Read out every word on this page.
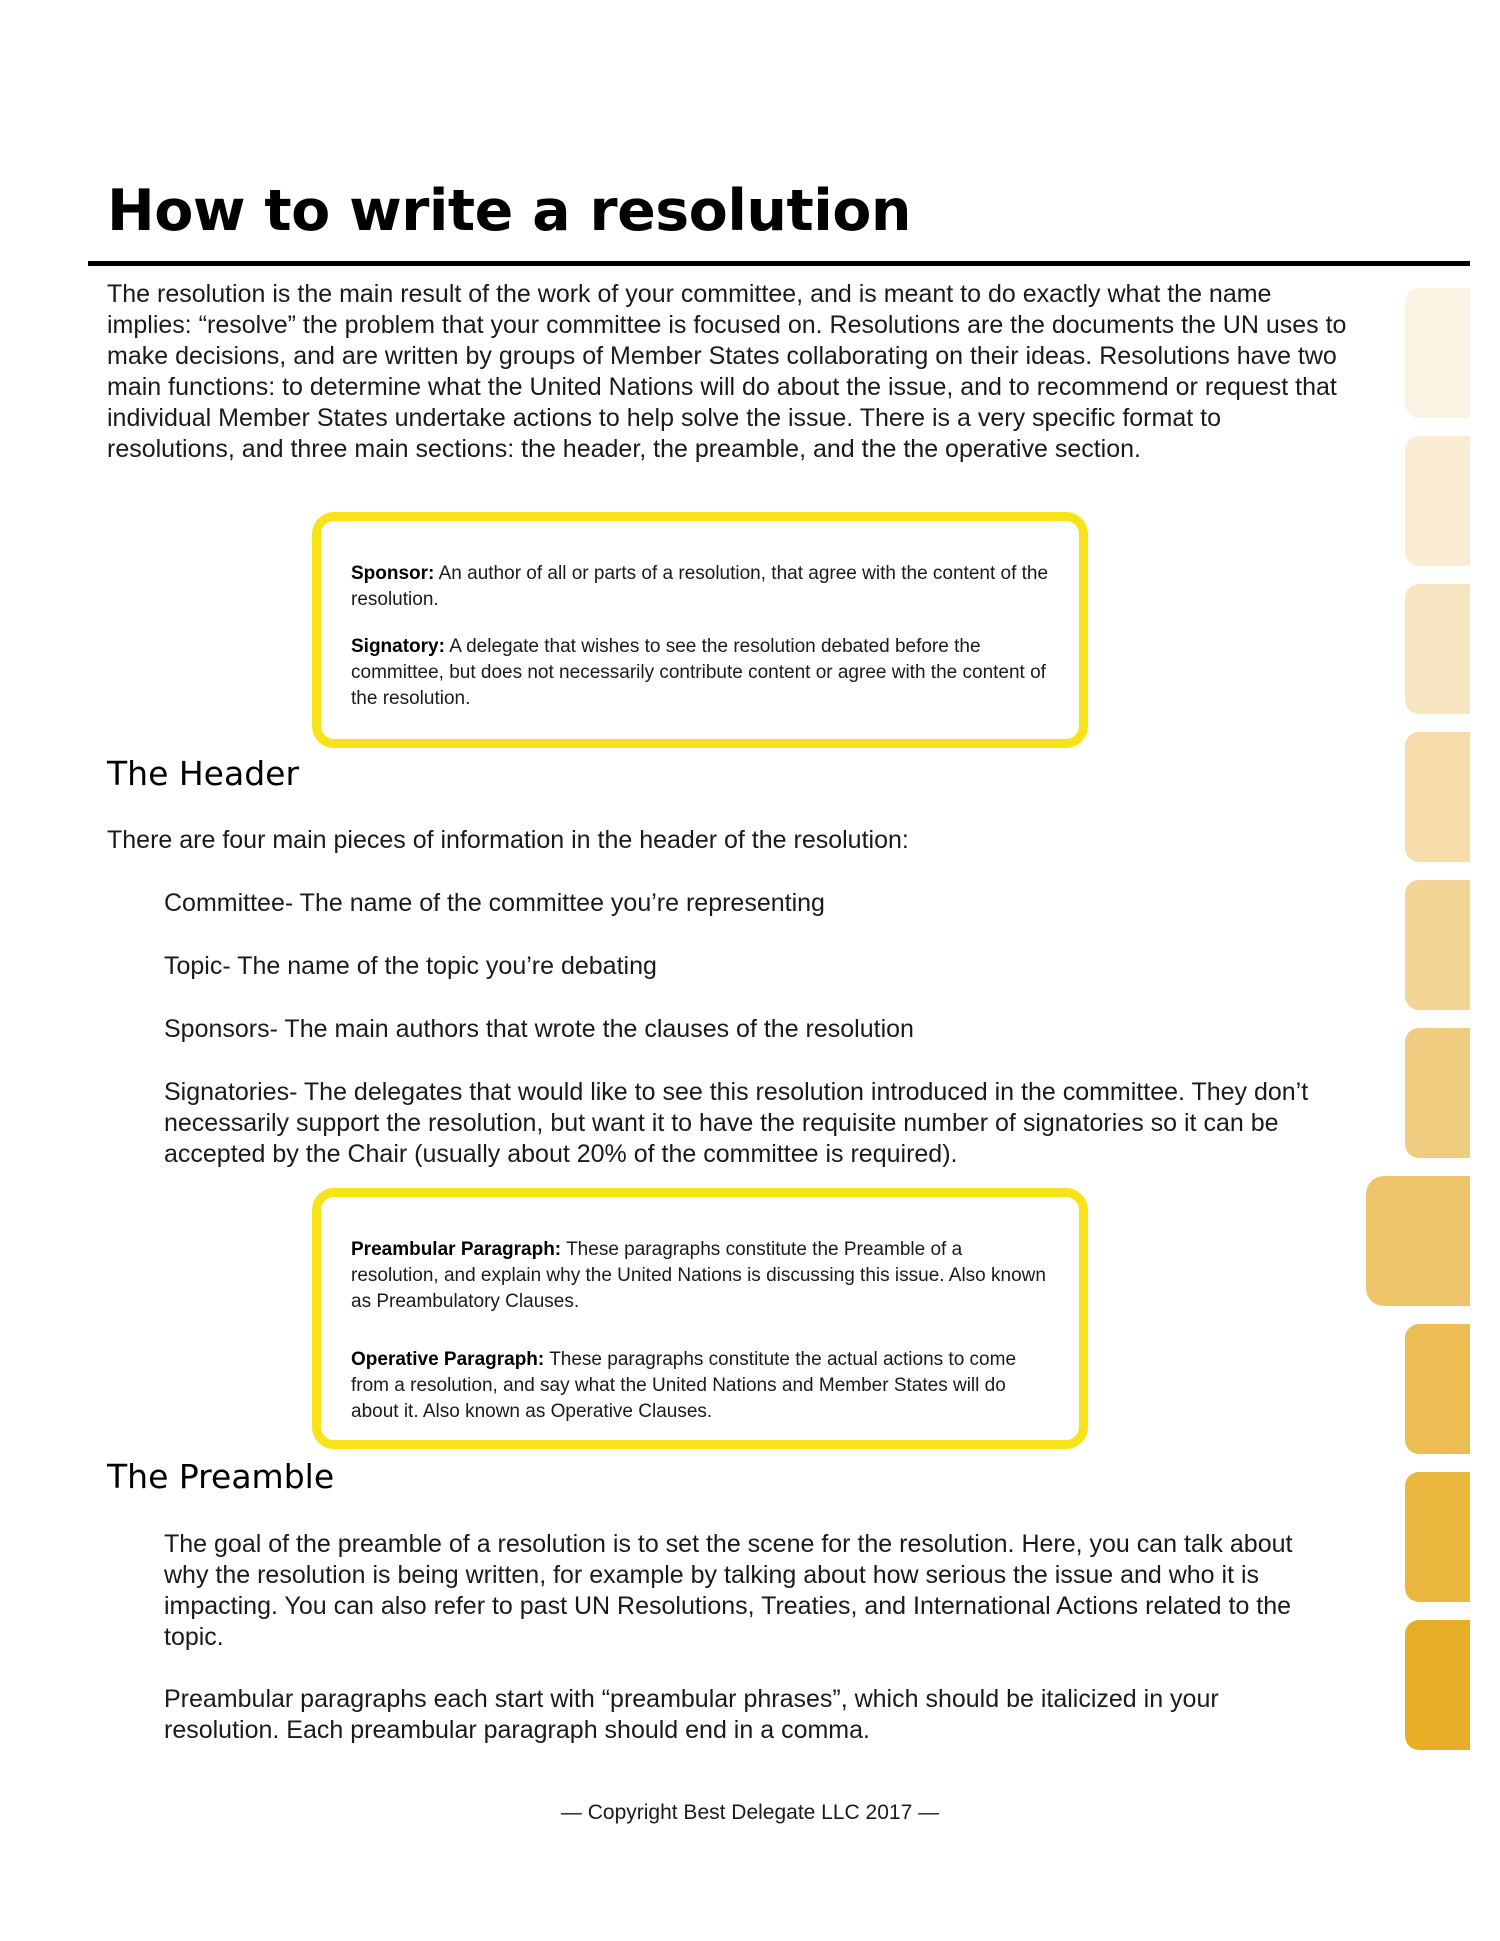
How to write a resolution

The resolution is the main result of the work of your committee, and is meant to do exactly what the name implies: “resolve” the problem that your committee is focused on. Resolutions are the documents the UN uses to make decisions, and are written by groups of Member States collaborating on their ideas. Resolutions have two main functions: to determine what the United Nations will do about the issue, and to recommend or request that individual Member States undertake actions to help solve the issue. There is a very specific format to resolutions, and three main sections: the header, the preamble, and the the operative section.

Sponsor: An author of all or parts of a resolution, that agree with the content of the resolution.

Signatory: A delegate that wishes to see the resolution debated before the committee, but does not necessarily contribute content or agree with the content of the resolution.

The Header

There are four main pieces of information in the header of the resolution:

Committee- The name of the committee you’re representing

Topic- The name of the topic you’re debating

Sponsors- The main authors that wrote the clauses of the resolution

Signatories- The delegates that would like to see this resolution introduced in the committee. They don’t necessarily support the resolution, but want it to have the requisite number of signatories so it can be accepted by the Chair (usually about 20% of the committee is required).

Preambular Paragraph: These paragraphs constitute the Preamble of a resolution, and explain why the United Nations is discussing this issue. Also known as Preambulatory Clauses.

Operative Paragraph: These paragraphs constitute the actual actions to come from a resolution, and say what the United Nations and Member States will do about it. Also known as Operative Clauses.

The Preamble

The goal of the preamble of a resolution is to set the scene for the resolution. Here, you can talk about why the resolution is being written, for example by talking about how serious the issue and who it is impacting. You can also refer to past UN Resolutions, Treaties, and International Actions related to the topic.

Preambular paragraphs each start with “preambular phrases”, which should be italicized in your resolution. Each preambular paragraph should end in a comma.

— Copyright Best Delegate LLC 2017 —
